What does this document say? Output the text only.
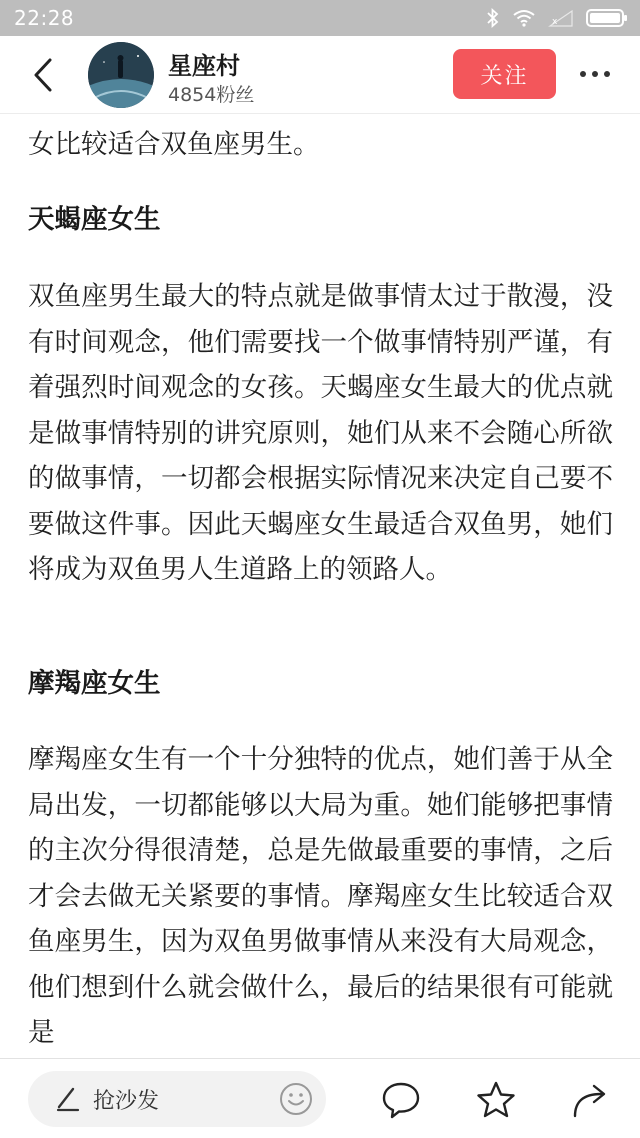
22:28	x
星座村
4854粉丝
关注
女比较适合双鱼座男生。
天蝎座女生
双鱼座男生最大的特点就是做事情太过于散漫，没有时间观念，他们需要找一个做事情特别严谨，有着强烈时间观念的女孩。天蝎座女生最大的优点就是做事情特别的讲究原则，她们从来不会随心所欲的做事情，一切都会根据实际情况来决定自己要不要做这件事。因此天蝎座女生最适合双鱼男，她们将成为双鱼男人生道路上的领路人。
摩羯座女生
摩羯座女生有一个十分独特的优点，她们善于从全局出发，一切都能够以大局为重。她们能够把事情的主次分得很清楚，总是先做最重要的事情，之后才会去做无关紧要的事情。摩羯座女生比较适合双鱼座男生，因为双鱼男做事情从来没有大局观念，他们想到什么就会做什么，最后的结果很有可能就是
抢沙发
